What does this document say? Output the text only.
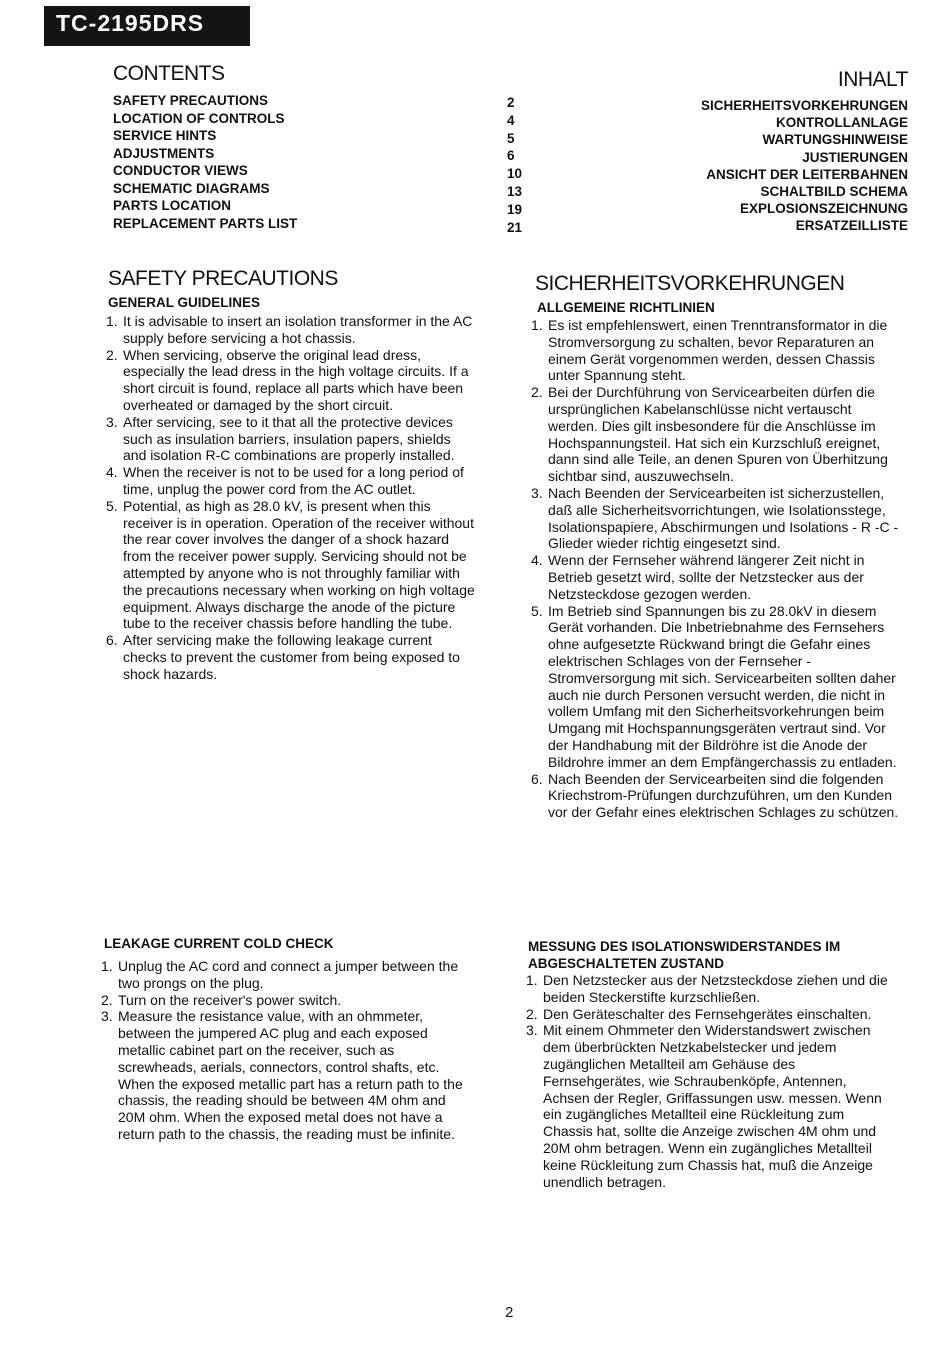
TC-2195DRS
CONTENTS	INHALT
SAFETY PRECAUTIONS
LOCATION OF CONTROLS
SERVICE HINTS
ADJUSTMENTS
CONDUCTOR VIEWS
SCHEMATIC DIAGRAMS
PARTS LOCATION
REPLACEMENT PARTS LIST
2
4
5
6
10
13
19
21
SICHERHEITSVORKEHRUNGEN
KONTROLLANLAGE
WARTUNGSHINWEISE
JUSTIERUNGEN
ANSICHT DER LEITERBAHNEN
SCHALTBILD SCHEMA
EXPLOSIONSZEICHNUNG
ERSATZEILLISTE
SAFETY PRECAUTIONS
GENERAL GUIDELINES
1. It is advisable to insert an isolation transformer in the AC supply before servicing a hot chassis.
2. When servicing, observe the original lead dress, especially the lead dress in the high voltage circuits. If a short circuit is found, replace all parts which have been overheated or damaged by the short circuit.
3. After servicing, see to it that all the protective devices such as insulation barriers, insulation papers, shields and isolation R-C combinations are properly installed.
4. When the receiver is not to be used for a long period of time, unplug the power cord from the AC outlet.
5. Potential, as high as 28.0 kV, is present when this receiver is in operation. Operation of the receiver without the rear cover involves the danger of a shock hazard from the receiver power supply. Servicing should not be attempted by anyone who is not throughly familiar with the precautions necessary when working on high voltage equipment. Always discharge the anode of the picture tube to the receiver chassis before handling the tube.
6. After servicing make the following leakage current checks to prevent the customer from being exposed to shock hazards.
SICHERHEITSVORKEHRUNGEN
ALLGEMEINE RICHTLINIEN
1. Es ist empfehlenswert, einen Trenntransformator in die Stromversorgung zu schalten, bevor Reparaturen an einem Gerät vorgenommen werden, dessen Chassis unter Spannung steht.
2. Bei der Durchführung von Servicearbeiten dürfen die ursprünglichen Kabelanschlüsse nicht vertauscht werden. Dies gilt insbesondere für die Anschlüsse im Hochspannungsteil. Hat sich ein Kurzschluß ereignet, dann sind alle Teile, an denen Spuren von Überhitzung sichtbar sind, auszuwechseln.
3. Nach Beenden der Servicearbeiten ist sicherzustellen, daß alle Sicherheitsvorrichtungen, wie Isolationsstege, Isolationspapiere, Abschirmungen und Isolations - R -C - Glieder wieder richtig eingesetzt sind.
4. Wenn der Fernseher während längerer Zeit nicht in Betrieb gesetzt wird, sollte der Netzstecker aus der Netzsteckdose gezogen werden.
5. Im Betrieb sind Spannungen bis zu 28.0kV in diesem Gerät vorhanden. Die Inbetriebnahme des Fernsehers ohne aufgesetzte Rückwand bringt die Gefahr eines elektrischen Schlages von der Fernseher - Stromversorgung mit sich. Servicearbeiten sollten daher auch nie durch Personen versucht werden, die nicht in vollem Umfang mit den Sicherheitsvorkehrungen beim Umgang mit Hochspannungsgeräten vertraut sind. Vor der Handhabung mit der Bildröhre ist die Anode der Bildrohre immer an dem Empfängerchassis zu entladen.
6. Nach Beenden der Servicearbeiten sind die folgenden Kriechstrom-Prüfungen durchzuführen, um den Kunden vor der Gefahr eines elektrischen Schlages zu schützen.
LEAKAGE CURRENT COLD CHECK
1. Unplug the AC cord and connect a jumper between the two prongs on the plug.
2. Turn on the receiver's power switch.
3. Measure the resistance value, with an ohmmeter, between the jumpered AC plug and each exposed metallic cabinet part on the receiver, such as screwheads, aerials, connectors, control shafts, etc. When the exposed metallic part has a return path to the chassis, the reading should be between 4M ohm and 20M ohm. When the exposed metal does not have a return path to the chassis, the reading must be infinite.
MESSUNG DES ISOLATIONSWIDERSTANDES IM ABGESCHALTETEN ZUSTAND
1. Den Netzstecker aus der Netzsteckdose ziehen und die beiden Steckerstifte kurzschließen.
2. Den Geräteschalter des Fernsehgerätes einschalten.
3. Mit einem Ohmmeter den Widerstandswert zwischen dem überbrückten Netzkabelstecker und jedem zugänglichen Metallteil am Gehäuse des Fernsehgerätes, wie Schraubenköpfe, Antennen, Achsen der Regler, Griffassungen usw. messen. Wenn ein zugängliches Metallteil eine Rückleitung zum Chassis hat, sollte die Anzeige zwischen 4M ohm und 20M ohm betragen. Wenn ein zugängliches Metallteil keine Rückleitung zum Chassis hat, muß die Anzeige unendlich betragen.
2
